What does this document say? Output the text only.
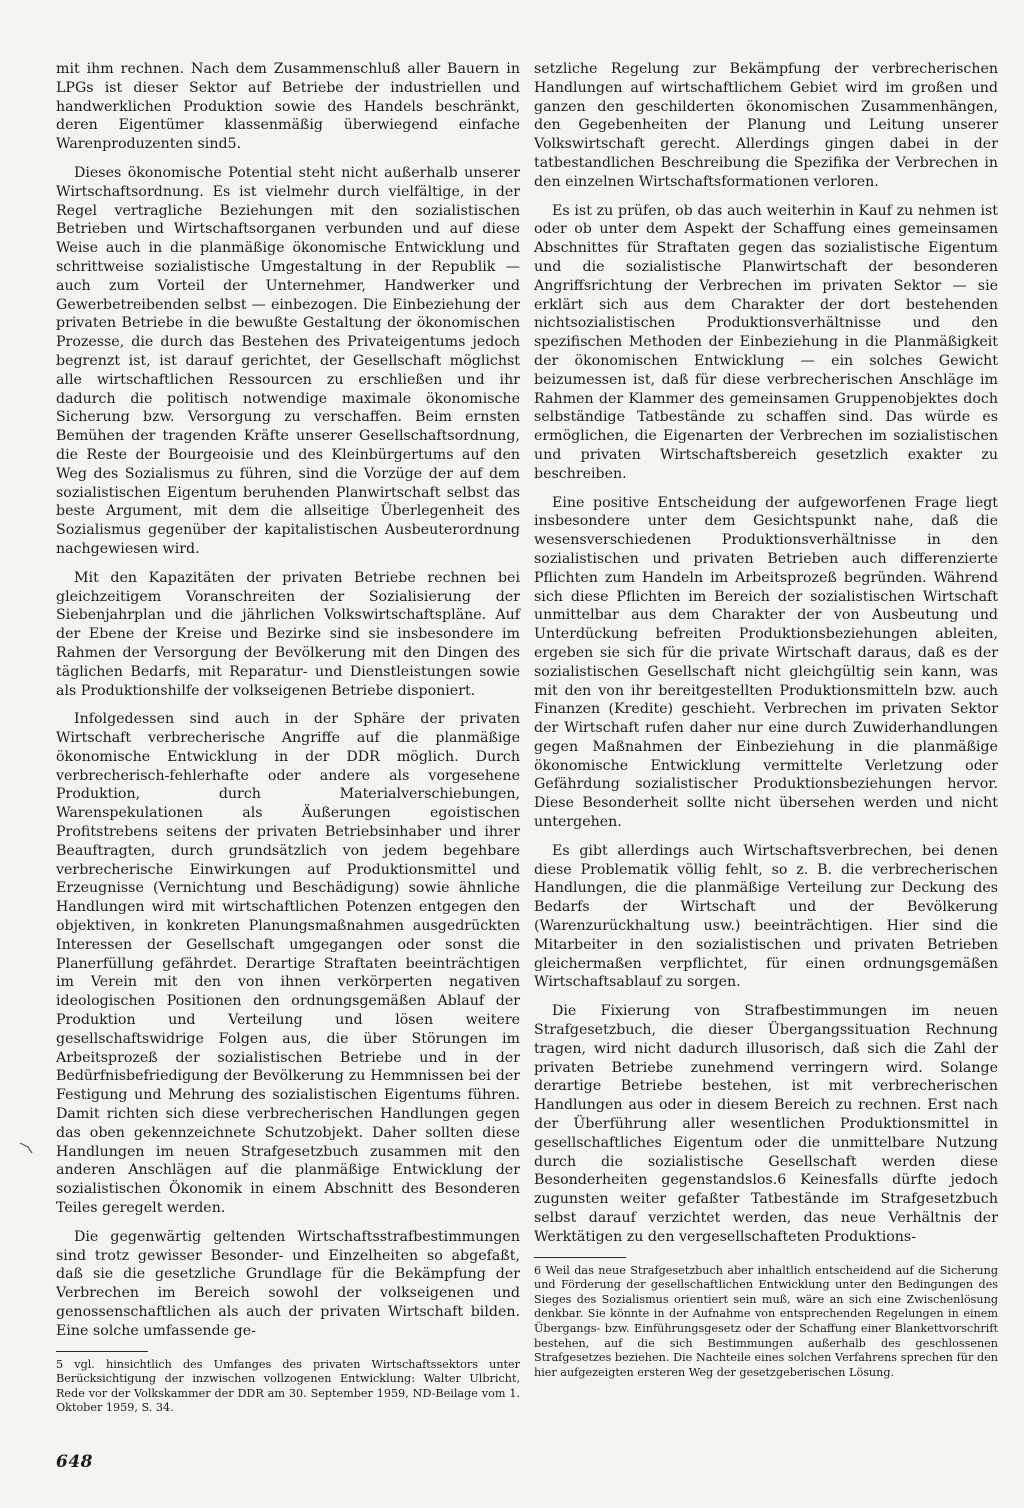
mit ihm rechnen. Nach dem Zusammenschluß aller Bauern in LPGs ist dieser Sektor auf Betriebe der industriellen und handwerklichen Produktion sowie des Handels beschränkt, deren Eigentümer klassenmäßig überwiegend einfache Warenproduzenten sind5.

Dieses ökonomische Potential steht nicht außerhalb unserer Wirtschaftsordnung. Es ist vielmehr durch vielfältige, in der Regel vertragliche Beziehungen mit den sozialistischen Betrieben und Wirtschaftsorganen verbunden und auf diese Weise auch in die planmäßige ökonomische Entwicklung und schrittweise sozialistische Umgestaltung in der Republik — auch zum Vorteil der Unternehmer, Handwerker und Gewerbetreibenden selbst — einbezogen. Die Einbeziehung der privaten Betriebe in die bewußte Gestaltung der ökonomischen Prozesse, die durch das Bestehen des Privateigentums jedoch begrenzt ist, ist darauf gerichtet, der Gesellschaft möglichst alle wirtschaftlichen Ressourcen zu erschließen und ihr dadurch die politisch notwendige maximale ökonomische Sicherung bzw. Versorgung zu verschaffen. Beim ernsten Bemühen der tragenden Kräfte unserer Gesellschaftsordnung, die Reste der Bourgeoisie und des Kleinbürgertums auf den Weg des Sozialismus zu führen, sind die Vorzüge der auf dem sozialistischen Eigentum beruhenden Planwirtschaft selbst das beste Argument, mit dem die allseitige Überlegenheit des Sozialismus gegenüber der kapitalistischen Ausbeuterordnung nachgewiesen wird.

Mit den Kapazitäten der privaten Betriebe rechnen bei gleichzeitigem Voranschreiten der Sozialisierung der Siebenjahrplan und die jährlichen Volkswirtschaftspläne. Auf der Ebene der Kreise und Bezirke sind sie insbesondere im Rahmen der Versorgung der Bevölkerung mit den Dingen des täglichen Bedarfs, mit Reparatur- und Dienstleistungen sowie als Produktionshilfe der volkseigenen Betriebe disponiert.

Infolgedessen sind auch in der Sphäre der privaten Wirtschaft verbrecherische Angriffe auf die planmäßige ökonomische Entwicklung in der DDR möglich. Durch verbrecherisch-fehlerhafte oder andere als vorgesehene Produktion, durch Materialverschiebungen, Warenspekulationen als Äußerungen egoistischen Profitstrebens seitens der privaten Betriebsinhaber und ihrer Beauftragten, durch grundsätzlich von jedem begehbare verbrecherische Einwirkungen auf Produktionsmittel und Erzeugnisse (Vernichtung und Beschädigung) sowie ähnliche Handlungen wird mit wirtschaftlichen Potenzen entgegen den objektiven, in konkreten Planungsmaßnahmen ausgedrückten Interessen der Gesellschaft umgegangen oder sonst die Planerfüllung gefährdet. Derartige Straftaten beeinträchtigen im Verein mit den von ihnen verkörperten negativen ideologischen Positionen den ordnungsgemäßen Ablauf der Produktion und Verteilung und lösen weitere gesellschaftswidrige Folgen aus, die über Störungen im Arbeitsprozeß der sozialistischen Betriebe und in der Bedürfnisbefriedigung der Bevölkerung zu Hemmnissen bei der Festigung und Mehrung des sozialistischen Eigentums führen. Damit richten sich diese verbrecherischen Handlungen gegen das oben gekennzeichnete Schutzobjekt. Daher sollten diese Handlungen im neuen Strafgesetzbuch zusammen mit den anderen Anschlägen auf die planmäßige Entwicklung der sozialistischen Ökonomik in einem Abschnitt des Besonderen Teiles geregelt werden.

Die gegenwärtig geltenden Wirtschaftsstrafbestimmungen sind trotz gewisser Besonder- und Einzelheiten so abgefaßt, daß sie die gesetzliche Grundlage für die Bekämpfung der Verbrechen im Bereich sowohl der volkseigenen und genossenschaftlichen als auch der privaten Wirtschaft bilden. Eine solche umfassende ge-

5 vgl. hinsichtlich des Umfanges des privaten Wirtschaftssektors unter Berücksichtigung der inzwischen vollzogenen Entwicklung: Walter Ulbricht, Rede vor der Volkskammer der DDR am 30. September 1959, ND-Beilage vom 1. Oktober 1959, S. 34.

setzliche Regelung zur Bekämpfung der verbrecherischen Handlungen auf wirtschaftlichem Gebiet wird im großen und ganzen den geschilderten ökonomischen Zusammenhängen, den Gegebenheiten der Planung und Leitung unserer Volkswirtschaft gerecht. Allerdings gingen dabei in der tatbestandlichen Beschreibung die Spezifika der Verbrechen in den einzelnen Wirtschaftsformationen verloren.

Es ist zu prüfen, ob das auch weiterhin in Kauf zu nehmen ist oder ob unter dem Aspekt der Schaffung eines gemeinsamen Abschnittes für Straftaten gegen das sozialistische Eigentum und die sozialistische Planwirtschaft der besonderen Angriffsrichtung der Verbrechen im privaten Sektor — sie erklärt sich aus dem Charakter der dort bestehenden nichtsozialistischen Produktionsverhältnisse und den spezifischen Methoden der Einbeziehung in die Planmäßigkeit der ökonomischen Entwicklung — ein solches Gewicht beizumessen ist, daß für diese verbrecherischen Anschläge im Rahmen der Klammer des gemeinsamen Gruppenobjektes doch selbständige Tatbestände zu schaffen sind. Das würde es ermöglichen, die Eigenarten der Verbrechen im sozialistischen und privaten Wirtschaftsbereich gesetzlich exakter zu beschreiben.

Eine positive Entscheidung der aufgeworfenen Frage liegt insbesondere unter dem Gesichtspunkt nahe, daß die wesensverschiedenen Produktionsverhältnisse in den sozialistischen und privaten Betrieben auch differenzierte Pflichten zum Handeln im Arbeitsprozeß begründen. Während sich diese Pflichten im Bereich der sozialistischen Wirtschaft unmittelbar aus dem Charakter der von Ausbeutung und Unterdückung befreiten Produktionsbeziehungen ableiten, ergeben sie sich für die private Wirtschaft daraus, daß es der sozialistischen Gesellschaft nicht gleichgültig sein kann, was mit den von ihr bereitgestellten Produktionsmitteln bzw. auch Finanzen (Kredite) geschieht. Verbrechen im privaten Sektor der Wirtschaft rufen daher nur eine durch Zuwiderhandlungen gegen Maßnahmen der Einbeziehung in die planmäßige ökonomische Entwicklung vermittelte Verletzung oder Gefährdung sozialistischer Produktionsbeziehungen hervor. Diese Besonderheit sollte nicht übersehen werden und nicht untergehen.

Es gibt allerdings auch Wirtschaftsverbrechen, bei denen diese Problematik völlig fehlt, so z. B. die verbrecherischen Handlungen, die die planmäßige Verteilung zur Deckung des Bedarfs der Wirtschaft und der Bevölkerung (Warenzurückhaltung usw.) beeinträchtigen. Hier sind die Mitarbeiter in den sozialistischen und privaten Betrieben gleichermaßen verpflichtet, für einen ordnungsgemäßen Wirtschaftsablauf zu sorgen.

Die Fixierung von Strafbestimmungen im neuen Strafgesetzbuch, die dieser Übergangssituation Rechnung tragen, wird nicht dadurch illusorisch, daß sich die Zahl der privaten Betriebe zunehmend verringern wird. Solange derartige Betriebe bestehen, ist mit verbrecherischen Handlungen aus oder in diesem Bereich zu rechnen. Erst nach der Überführung aller wesentlichen Produktionsmittel in gesellschaftliches Eigentum oder die unmittelbare Nutzung durch die sozialistische Gesellschaft werden diese Besonderheiten gegenstandslos.6 Keinesfalls dürfte jedoch zugunsten weiter gefaßter Tatbestände im Strafgesetzbuch selbst darauf verzichtet werden, das neue Verhältnis der Werktätigen zu den vergesellschafteten Produktions-

6 Weil das neue Strafgesetzbuch aber inhaltlich entscheidend auf die Sicherung und Förderung der gesellschaftlichen Entwicklung unter den Bedingungen des Sieges des Sozialismus orientiert sein muß, wäre an sich eine Zwischenlösung denkbar. Sie könnte in der Aufnahme von entsprechenden Regelungen in einem Übergangs- bzw. Einführungsgesetz oder der Schaffung einer Blankettvorschrift bestehen, auf die sich Bestimmungen außerhalb des geschlossenen Strafgesetzes beziehen. Die Nachteile eines solchen Verfahrens sprechen für den hier aufgezeigten ersteren Weg der gesetzgeberischen Lösung.

648
